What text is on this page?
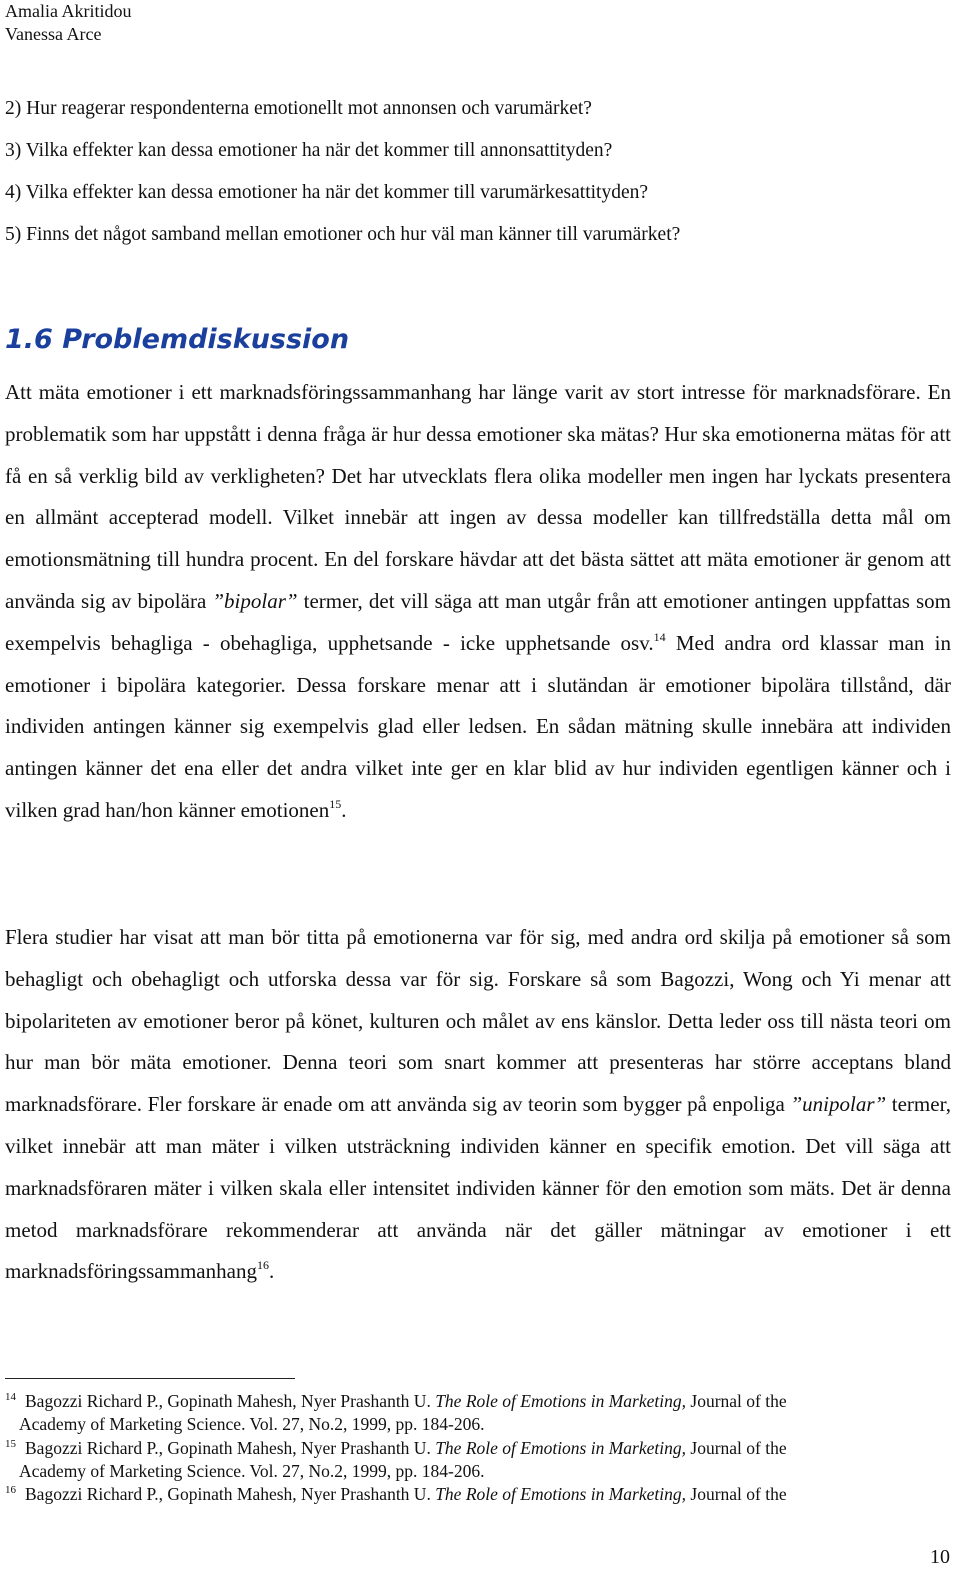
Amalia Akritidou
Vanessa Arce
2) Hur reagerar respondenterna emotionellt mot annonsen och varumärket?
3) Vilka effekter kan dessa emotioner ha när det kommer till annonsattityden?
4) Vilka effekter kan dessa emotioner ha när det kommer till varumärkesattityden?
5) Finns det något samband mellan emotioner och hur väl man känner till varumärket?
1.6 Problemdiskussion

Att mäta emotioner i ett marknadsföringssammanhang har länge varit av stort intresse för marknadsförare. En problematik som har uppstått i denna fråga är hur dessa emotioner ska mätas? Hur ska emotionerna mätas för att få en så verklig bild av verkligheten? Det har utvecklats flera olika modeller men ingen har lyckats presentera en allmänt accepterad modell. Vilket innebär att ingen av dessa modeller kan tillfredställa detta mål om emotionsmätning till hundra procent. En del forskare hävdar att det bästa sättet att mäta emotioner är genom att använda sig av bipolära ”bipolar” termer, det vill säga att man utgår från att emotioner antingen uppfattas som exempelvis behagliga - obehagliga, upphetsande - icke upphetsande osv.$^{14}$ Med andra ord klassar man in emotioner i bipolära kategorier. Dessa forskare menar att i slutändan är emotioner bipolära tillstånd, där individen antingen känner sig exempelvis glad eller ledsen. En sådan mätning skulle innebära att individen antingen känner det ena eller det andra vilket inte ger en klar blid av hur individen egentligen känner och i vilken grad han/hon känner emotionen$^{15}$.

Flera studier har visat att man bör titta på emotionerna var för sig, med andra ord skilja på emotioner så som behagligt och obehagligt och utforska dessa var för sig. Forskare så som Bagozzi, Wong och Yi menar att bipolariteten av emotioner beror på könet, kulturen och målet av ens känslor. Detta leder oss till nästa teori om hur man bör mäta emotioner. Denna teori som snart kommer att presenteras har större acceptans bland marknadsförare. Fler forskare är enade om att använda sig av teorin som bygger på enpoliga ”unipolar” termer, vilket innebär att man mäter i vilken utsträckning individen känner en specifik emotion. Det vill säga att marknadsföraren mäter i vilken skala eller intensitet individen känner för den emotion som mäts. Det är denna metod marknadsförare rekommenderar att använda när det gäller mätningar av emotioner i ett marknadsföringssammanhang$^{16}$.

14 Bagozzi Richard P., Gopinath Mahesh, Nyer Prashanth U. The Role of Emotions in Marketing, Journal of the
Academy of Marketing Science. Vol. 27, No.2, 1999, pp. 184-206.
15 Bagozzi Richard P., Gopinath Mahesh, Nyer Prashanth U. The Role of Emotions in Marketing, Journal of the
Academy of Marketing Science. Vol. 27, No.2, 1999, pp. 184-206.
16 Bagozzi Richard P., Gopinath Mahesh, Nyer Prashanth U. The Role of Emotions in Marketing, Journal of the
10
